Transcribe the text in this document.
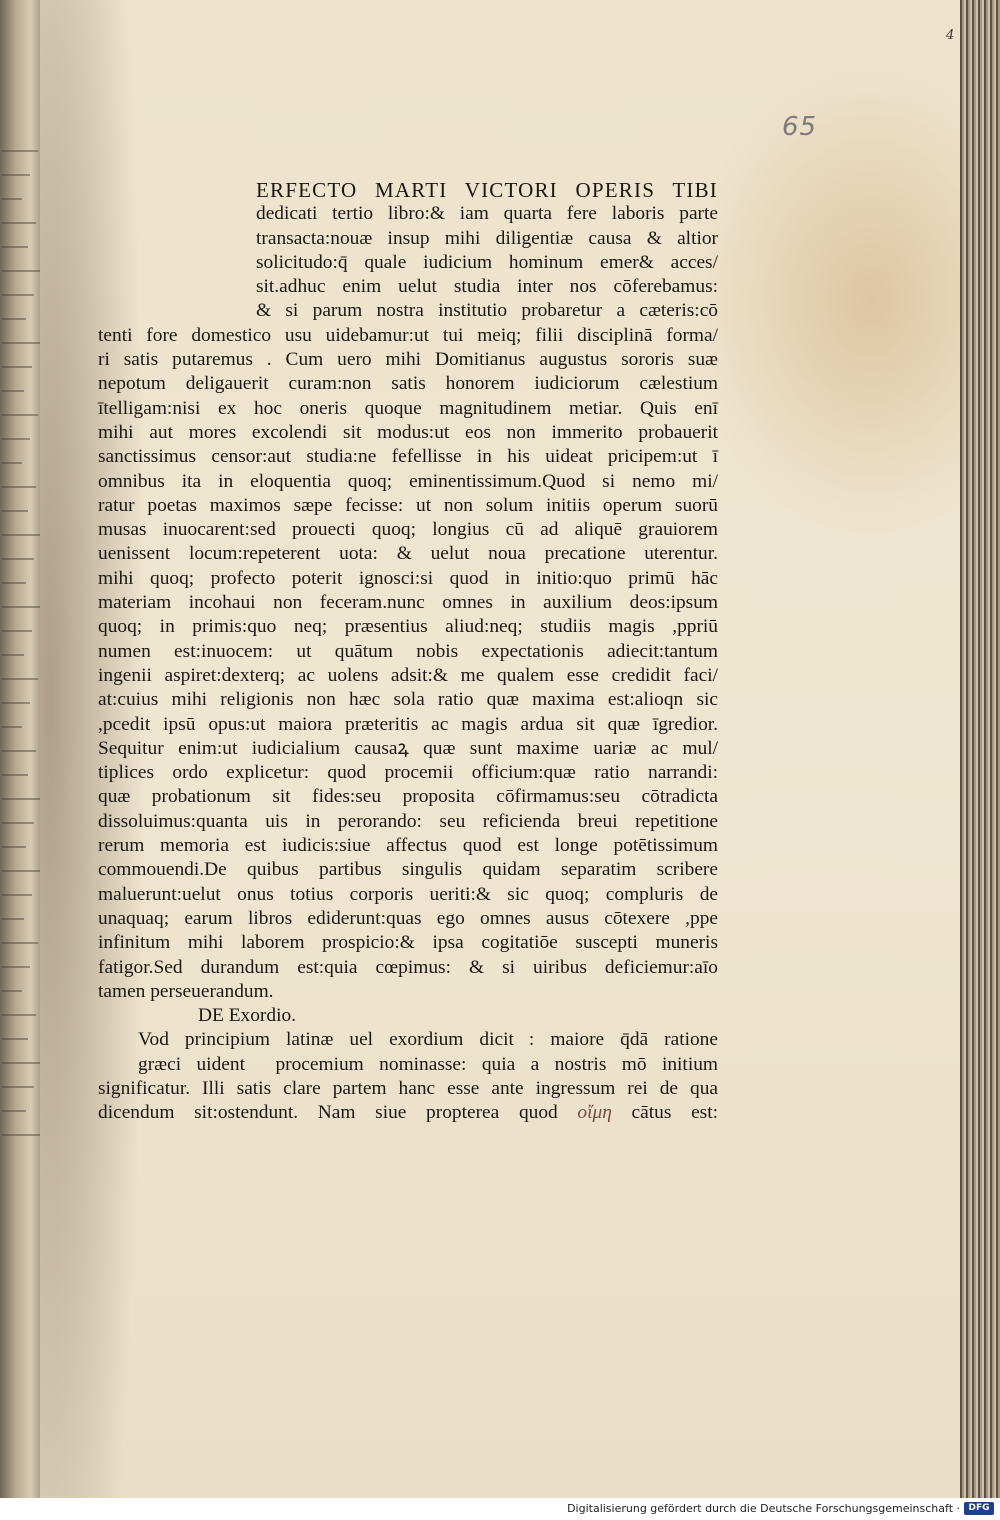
4
65
ERFECTO MARTI VICTORI OPERIS TIBI
dedicati tertio libro:& iam quarta fere laboris parte
transacta:nouæ insup mihi diligentiæ causa & altior
solicitudo:q̄ quale iudicium hominum emer& acces/
sit.adhuc enim uelut studia inter nos cōferebamus:
& si parum nostra institutio probaretur a cæteris:cō
tenti fore domestico usu uidebamur:ut tui meiq; filii disciplinā forma/
ri satis putaremus . Cum uero mihi Domitianus augustus sororis suæ
nepotum deligauerit curam:non satis honorem iudiciorum cælestium
ītelligam:nisi ex hoc oneris quoque magnitudinem metiar. Quis enī
mihi aut mores excolendi sit modus:ut eos non immerito probauerit
sanctissimus censor:aut studia:ne fefellisse in his uideat pricipem:ut ī
omnibus ita in eloquentia quoq; eminentissimum.Quod si nemo mi/
ratur poetas maximos sæpe fecisse: ut non solum initiis operum suorū
musas inuocarent:sed prouecti quoq; longius cū ad aliquē grauiorem
uenissent locum:repeterent uota: & uelut noua precatione uterentur.
mihi quoq; profecto poterit ignosci:si quod in initio:quo primū hāc
materiam incohaui non feceram.nunc omnes in auxilium deos:ipsum
quoq; in primis:quo neq; præsentius aliud:neq; studiis magis ,ppriū
numen est:inuocem: ut quātum nobis expectationis adiecit:tantum
ingenii aspiret:dexterq; ac uolens adsit:& me qualem esse credidit faci/
at:cuius mihi religionis non hæc sola ratio quæ maxima est:alioqn sic
,pcedit ipsū opus:ut maiora præteritis ac magis ardua sit quæ īgredior.
Sequitur enim:ut iudicialium causaꝝ quæ sunt maxime uariæ ac mul/
tiplices ordo explicetur: quod procemii officium:quæ ratio narrandi:
quæ probationum sit fides:seu proposita cōfirmamus:seu cōtradicta
dissoluimus:quanta uis in perorando: seu reficienda breui repetitione
rerum memoria est iudicis:siue affectus quod est longe potētissimum
commouendi.De quibus partibus singulis quidam separatim scribere
maluerunt:uelut onus totius corporis ueriti:& sic quoq; compluris de
unaquaq; earum libros ediderunt:quas ego omnes ausus cōtexere ,ppe
infinitum mihi laborem prospicio:& ipsa cogitatiōe suscepti muneris
fatigor.Sed durandum est:quia cœpimus: & si uiribus deficiemur:aīo
tamen perseuerandum.
DE Exordio.
Vod principium latinæ uel exordium dicit᷑: maiore q̄dā ratione
græci uident᷑ procemium nominasse: quia a nostris mō initium
significatur. Illi satis clare partem hanc esse ante ingressum rei de qua
dicendum sit:ostendunt. Nam siue propterea quod οἴμη cātus est:
Digitalisierung gefördert durch die Deutsche Forschungsgemeinschaft · DFG
